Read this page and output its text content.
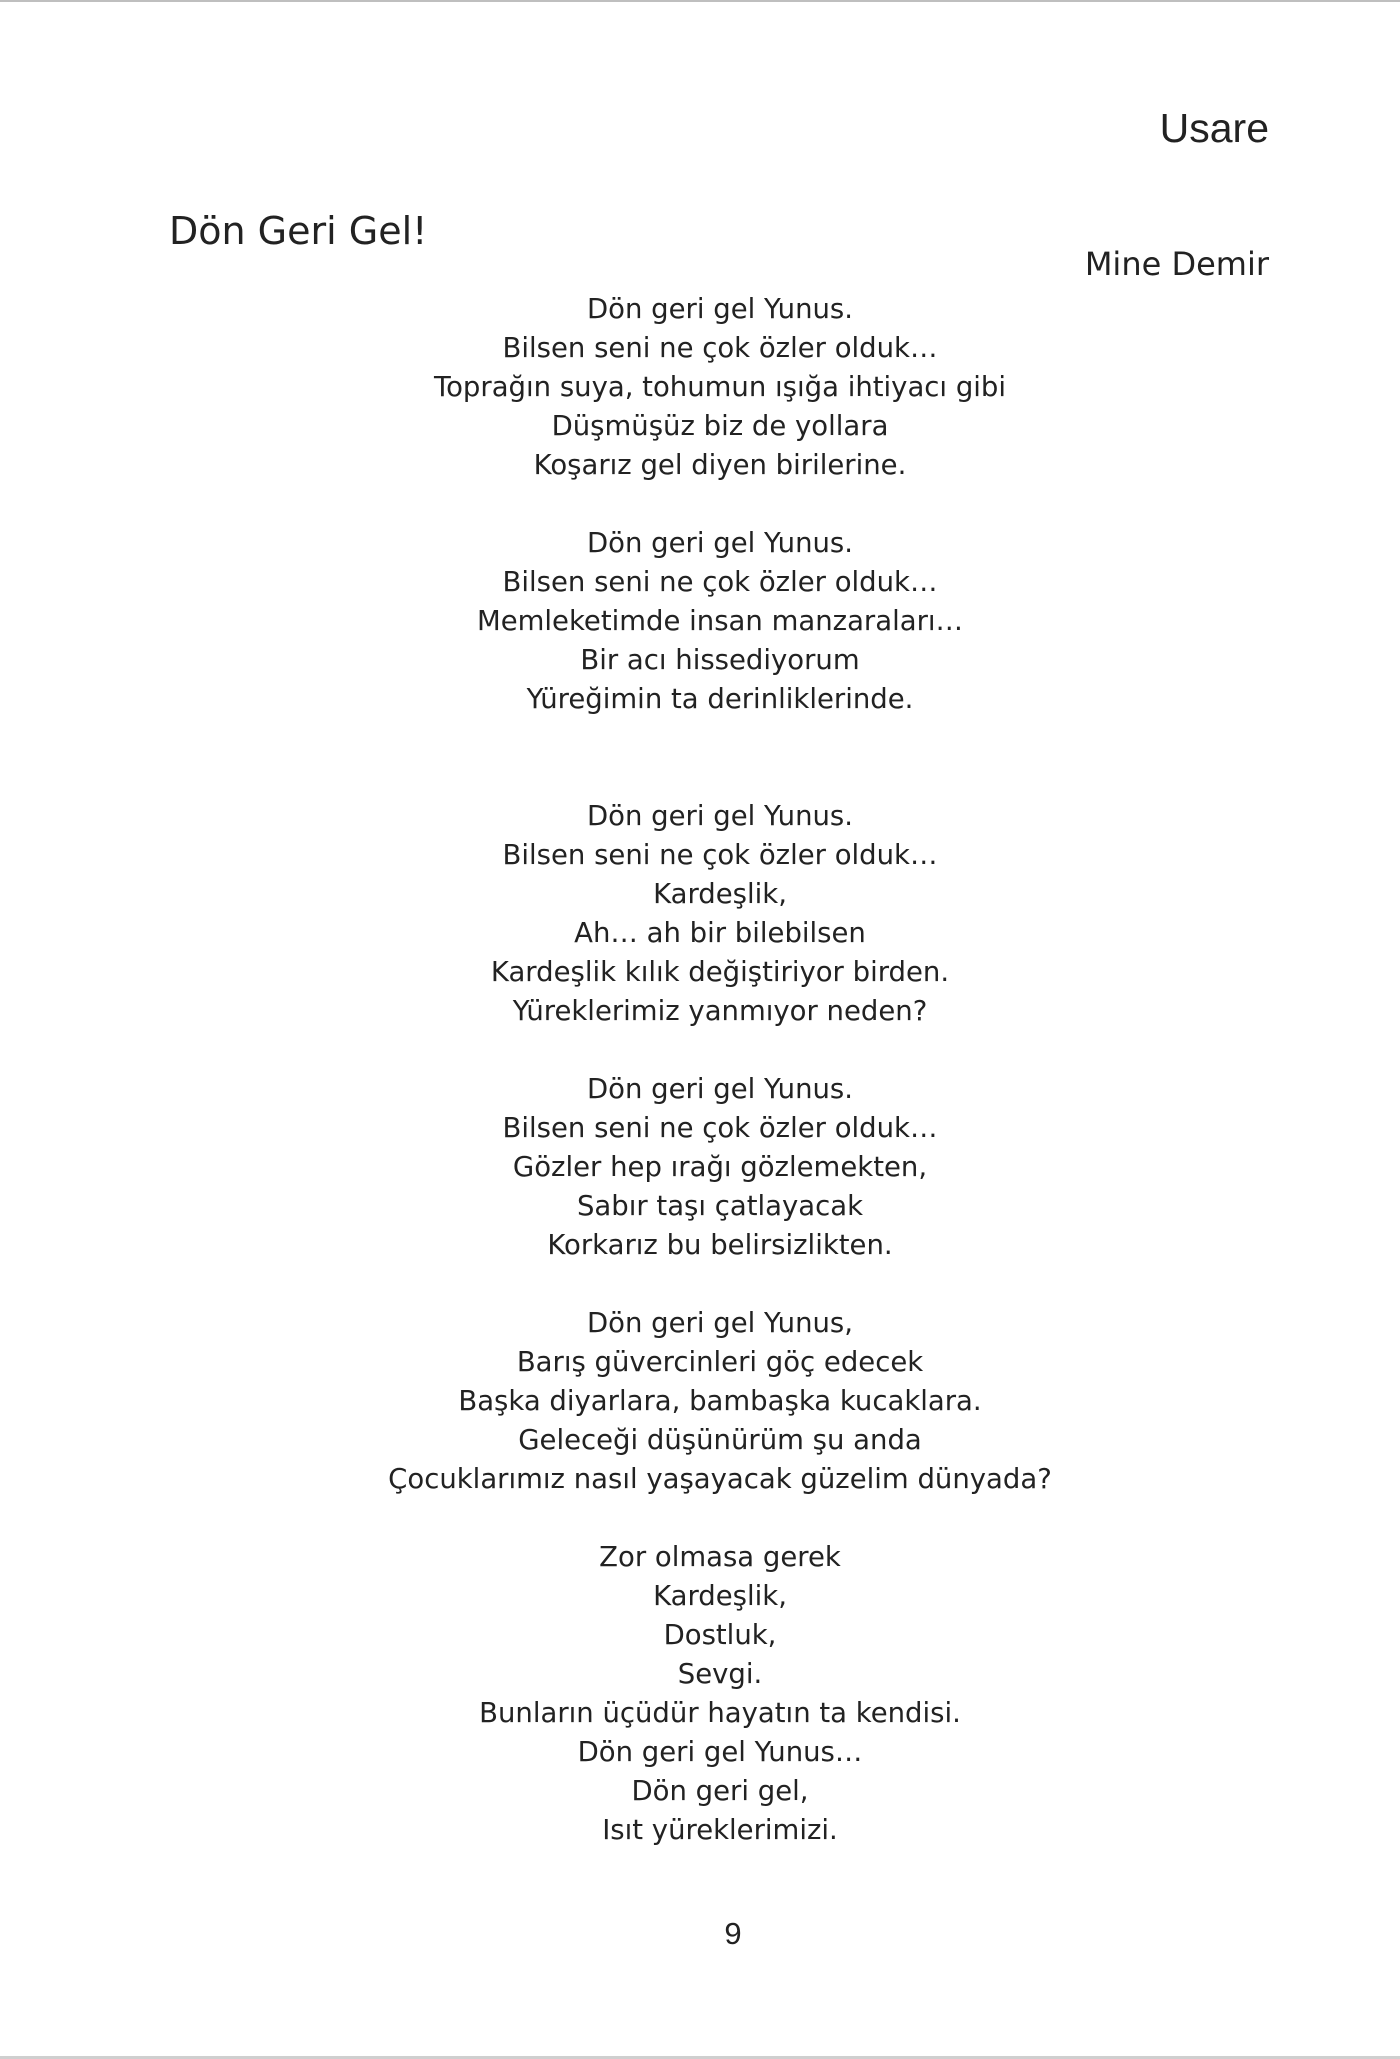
Usare
Dön Geri Gel!
Mine Demir
Dön geri gel Yunus.
Bilsen seni ne çok özler olduk…
Toprağın suya, tohumun ışığa ihtiyacı gibi
Düşmüşüz biz de yollara
Koşarız gel diyen birilerine.
Dön geri gel Yunus.
Bilsen seni ne çok özler olduk…
Memleketimde insan manzaraları…
Bir acı hissediyorum
Yüreğimin ta derinliklerinde.
Dön geri gel Yunus.
Bilsen seni ne çok özler olduk…
Kardeşlik,
Ah… ah bir bilebilsen
Kardeşlik kılık değiştiriyor birden.
Yüreklerimiz yanmıyor neden?
Dön geri gel Yunus.
Bilsen seni ne çok özler olduk…
Gözler hep ırağı gözlemekten,
Sabır taşı çatlayacak
Korkarız bu belirsizlikten.
Dön geri gel Yunus,
Barış güvercinleri göç edecek
Başka diyarlara, bambaşka kucaklara.
Geleceği düşünürüm şu anda
Çocuklarımız nasıl yaşayacak güzelim dünyada?
Zor olmasa gerek
Kardeşlik,
Dostluk,
Sevgi.
Bunların üçüdür hayatın ta kendisi.
Dön geri gel Yunus…
Dön geri gel,
Isıt yüreklerimizi.
9
